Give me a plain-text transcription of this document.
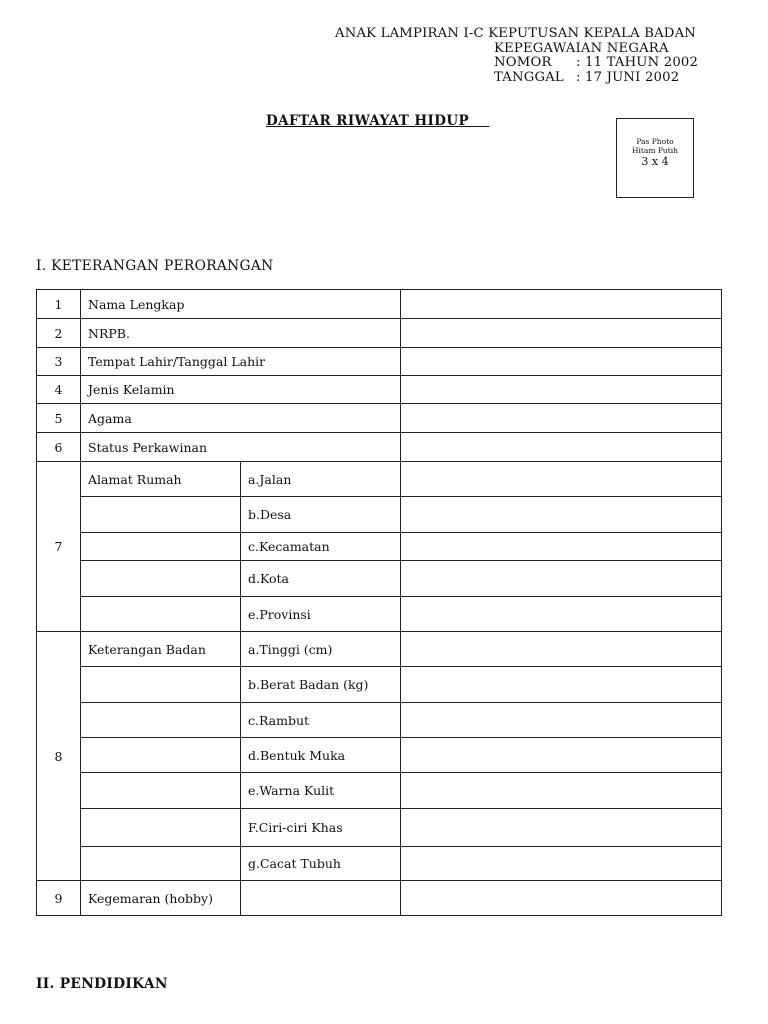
ANAK LAMPIRAN I-C KEPUTUSAN KEPALA BADAN
KEPEGAWAIAN NEGARA
NOMOR	: 11 TAHUN 2002
TANGGAL : 17 JUNI 2002
DAFTAR RIWAYAT HIDUP
Pas Photo
Hitam Putih
3 x 4
I. KETERANGAN PERORANGAN
1	Nama Lengkap		
2	NRPB.		
3	Tempat Lahir/Tanggal Lahir		
4	Jenis Kelamin		
5	Agama		
6	Status Perkawinan		
7	Alamat Rumah	a.Jalan	
		b.Desa	
		c.Kecamatan	
		d.Kota	
		e.Provinsi	
8	Keterangan Badan	a.Tinggi (cm)	
		b.Berat Badan (kg)	
		c.Rambut	
		d.Bentuk Muka	
		e.Warna Kulit	
		F.Ciri-ciri Khas	
		g.Cacat Tubuh	
9	Kegemaran (hobby)		
II. PENDIDIKAN
